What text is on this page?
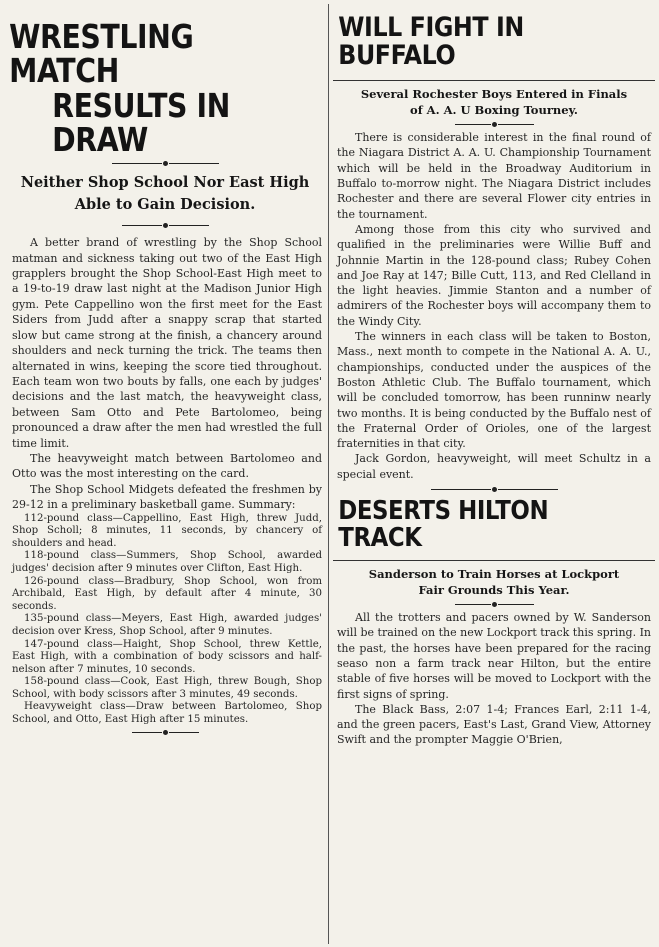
WRESTLING MATCH
RESULTS IN DRAW
Neither Shop School Nor East High
Able to Gain Decision.

A better brand of wrestling by the Shop School matman and sickness taking out two of the East High grapplers brought the Shop School-East High meet to a 19-to-19 draw last night at the Madison Junior High gym. Pete Cappellino won the first meet for the East Siders from Judd after a snappy scrap that started slow but came strong at the finish, a chancery around shoulders and neck turning the trick. The teams then alternated in wins, keeping the score tied throughout. Each team won two bouts by falls, one each by judges' decisions and the last match, the heavyweight class, between Sam Otto and Pete Bartolomeo, being pronounced a draw after the men had wrestled the full time limit.

The heavyweight match between Bartolomeo and Otto was the most interesting on the card.

The Shop School Midgets defeated the freshmen by 29-12 in a preliminary basketball game. Summary:

112-pound class—Cappellino, East High, threw Judd, Shop Scholl; 8 minutes, 11 seconds, by chancery of shoulders and head.

118-pound class—Summers, Shop School, awarded judges' decision after 9 minutes over Clifton, East High.

126-pound class—Bradbury, Shop School, won from Archibald, East High, by default after 4 minute, 30 seconds.

135-pound class—Meyers, East High, awarded judges' decision over Kress, Shop School, after 9 minutes.

147-pound class—Haight, Shop School, threw Kettle, East High, with a combination of body scissors and half-nelson after 7 minutes, 10 seconds.

158-pound class—Cook, East High, threw Bough, Shop School, with body scissors after 3 minutes, 49 seconds.

Heavyweight class—Draw between Bartolomeo, Shop School, and Otto, East High after 15 minutes.

WILL FIGHT IN BUFFALO
Several Rochester Boys Entered in Finals
of A. A. U Boxing Tourney.

There is considerable interest in the final round of the Niagara District A. A. U. Championship Tournament which will be held in the Broadway Auditorium in Buffalo to-morrow night. The Niagara District includes Rochester and there are several Flower city entries in the tournament.

Among those from this city who survived and qualified in the preliminaries were Willie Buff and Johnnie Martin in the 128-pound class; Rubey Cohen and Joe Ray at 147; Bille Cutt, 113, and Red Clelland in the light heavies. Jimmie Stanton and a number of admirers of the Rochester boys will accompany them to the Windy City.

The winners in each class will be taken to Boston, Mass., next month to compete in the National A. A. U., championships, conducted under the auspices of the Boston Athletic Club. The Buffalo tournament, which will be concluded tomorrow, has been runninw nearly two months. It is being conducted by the Buffalo nest of the Fraternal Order of Orioles, one of the largest fraternities in that city.

Jack Gordon, heavyweight, will meet Schultz in a special event.

DESERTS HILTON TRACK
Sanderson to Train Horses at Lockport
Fair Grounds This Year.

All the trotters and pacers owned by W. Sanderson will be trained on the new Lockport track this spring. In the past, the horses have been prepared for the racing seaso non a farm track near Hilton, but the entire stable of five horses will be moved to Lockport with the first signs of spring.

The Black Bass, 2:07 1-4; Frances Earl, 2:11 1-4, and the green pacers, East's Last, Grand View, Attorney Swift and the prompter Maggie O'Brien,
